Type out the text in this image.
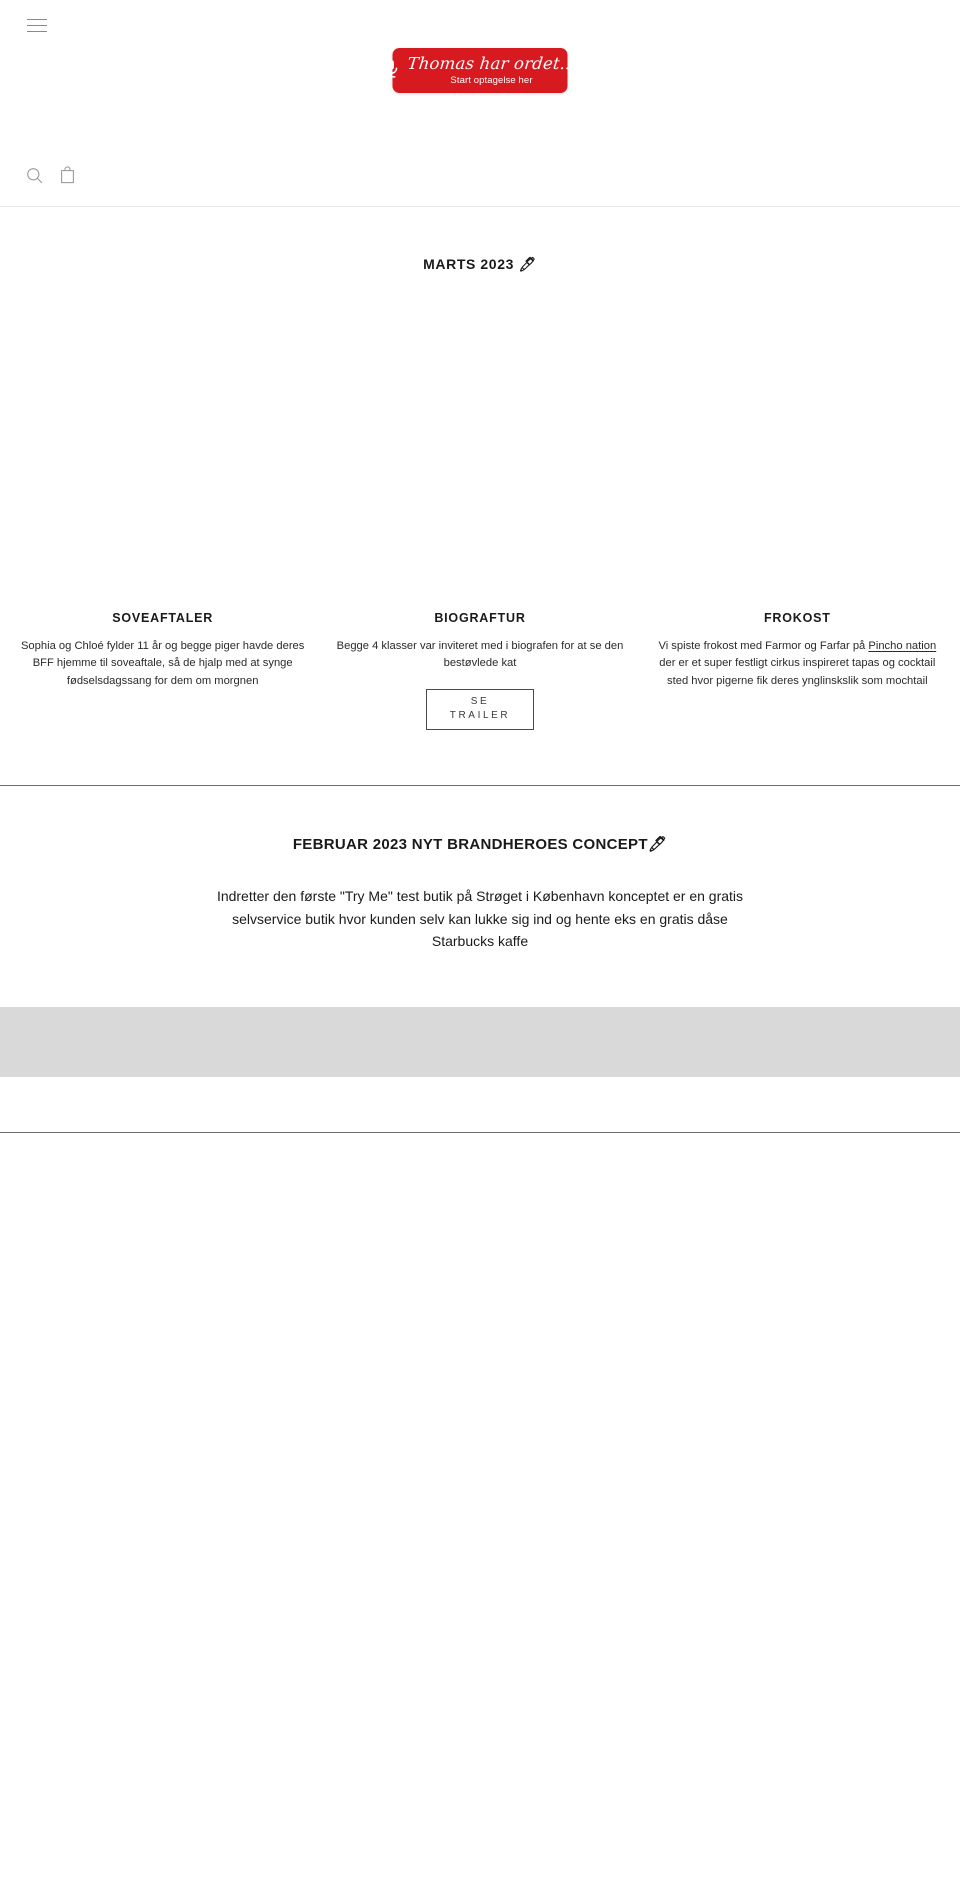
Thomas har ordet...
Start optagelse her
MARTS 2023 🖊
SOVEAFTALER

Sophia og Chloé fylder 11 år og begge piger havde deres BFF hjemme til soveaftale, så de hjalp med at synge fødselsdagssang for dem om morgnen

BIOGRAFTUR

Begge 4 klasser var inviteret med i biografen for at se den bestøvlede kat

SE
TRAILER
FROKOST

Vi spiste frokost med Farmor og Farfar på Pincho nation der er et super festligt cirkus inspireret tapas og cocktail sted hvor pigerne fik deres ynglinskslik som mochtail

FEBRUAR 2023 NYT BRANDHEROES CONCEPT🖊

Indretter den første "Try Me" test butik på Strøget i København konceptet er en gratis selvservice butik hvor kunden selv kan lukke sig ind og hente eks en gratis dåse Starbucks kaffe
